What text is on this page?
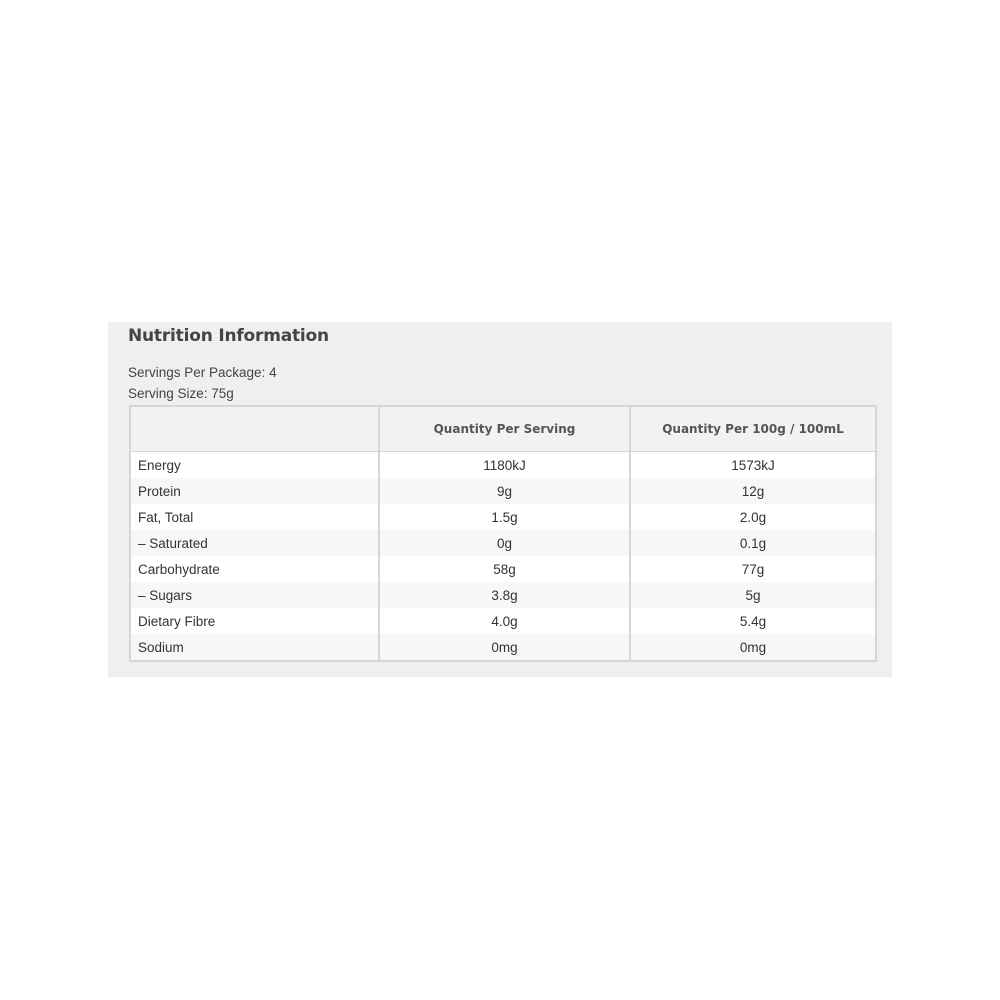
Nutrition Information
Servings Per Package: 4
Serving Size: 75g
	Quantity Per Serving	Quantity Per 100g / 100mL
Energy	1180kJ	1573kJ
Protein	9g	12g
Fat, Total	1.5g	2.0g
– Saturated	0g	0.1g
Carbohydrate	58g	77g
– Sugars	3.8g	5g
Dietary Fibre	4.0g	5.4g
Sodium	0mg	0mg
